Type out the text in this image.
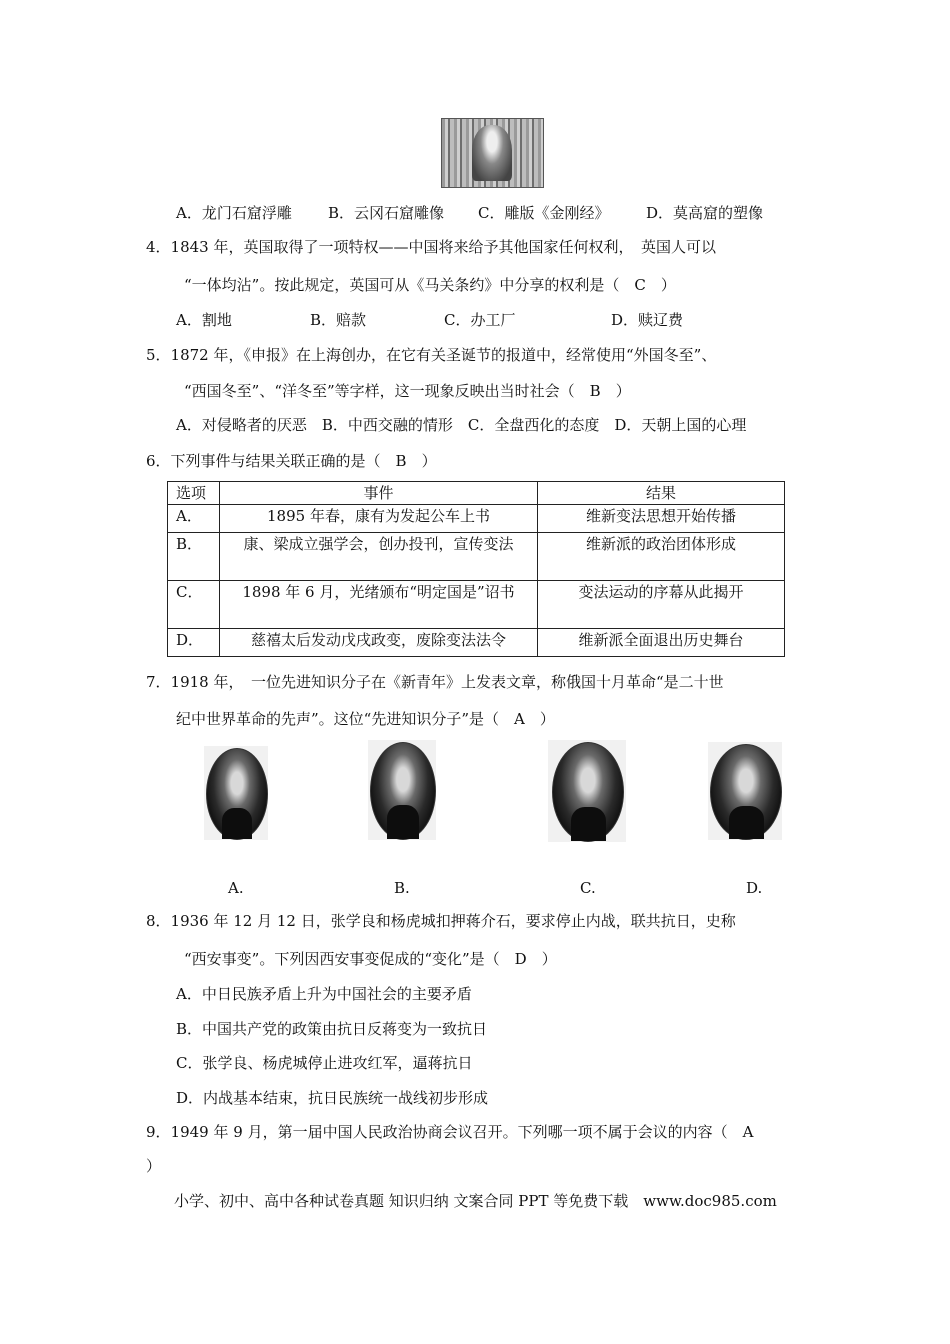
A．龙门石窟浮雕 B．云冈石窟雕像 C．雕版《金刚经》 D．莫高窟的塑像
4．1843 年，英国取得了一项特权——中国将来给予其他国家任何权利，　英国人可以
“一体均沾”。按此规定，英国可从《马关条约》中分享的权利是（　C　）
A．割地	B．赔款	C．办工厂	D．赎辽费
5．1872 年，《申报》在上海创办，在它有关圣诞节的报道中，经常使用“外国冬至”、
“西国冬至”、“洋冬至”等字样，这一现象反映出当时社会（　B　）
A．对侵略者的厌恶　B．中西交融的情形　C．全盘西化的态度　D．天朝上国的心理
6．下列事件与结果关联正确的是（　B　）
选项	事件	结果
A．	1895 年春，康有为发起公车上书	维新变法思想开始传播
B．	康、梁成立强学会，创办投刊，宣传变法	维新派的政治团体形成
C．	1898 年 6 月，光绪颁布“明定国是”诏书	变法运动的序幕从此揭开
D．	慈禧太后发动戊戌政变，废除变法法令	维新派全面退出历史舞台
7．1918 年，　一位先进知识分子在《新青年》上发表文章，称俄国十月革命“是二十世
纪中世界革命的先声”。这位“先进知识分子”是（　A　）
A.	B.	C.	D.
8．1936 年 12 月 12 日，张学良和杨虎城扣押蒋介石，要求停止内战，联共抗日，史称
“西安事变”。下列因西安事变促成的“变化”是（　D　）
A．中日民族矛盾上升为中国社会的主要矛盾
B．中国共产党的政策由抗日反蒋变为一致抗日
C．张学良、杨虎城停止进攻红军，逼蒋抗日
D．内战基本结束，抗日民族统一战线初步形成
9．1949 年 9 月，第一届中国人民政治协商会议召开。下列哪一项不属于会议的内容（　A
）
小学、初中、高中各种试卷真题 知识归纳 文案合同 PPT 等免费下载　www.doc985.com
